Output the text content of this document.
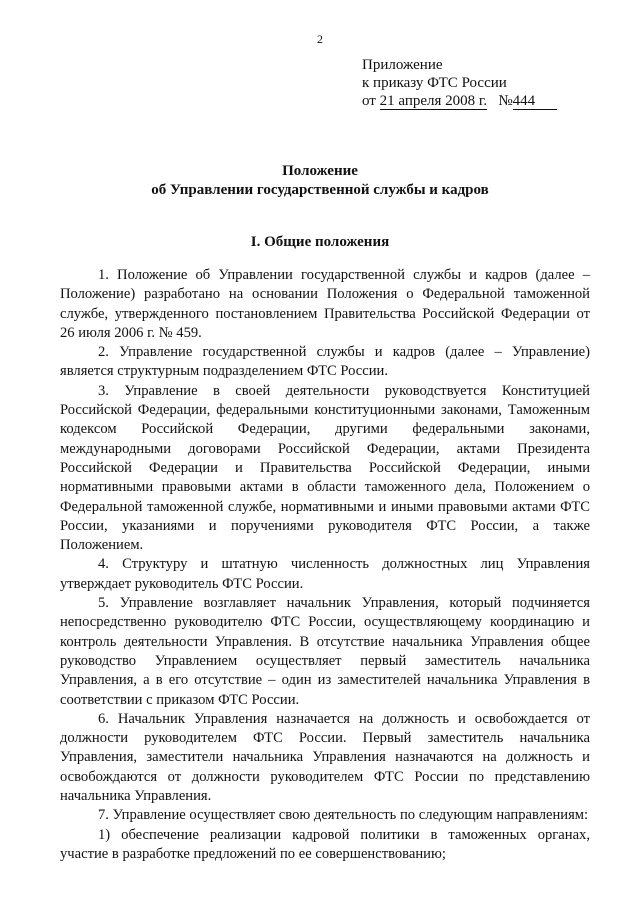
2
Приложение
к приказу ФТС России
от 21 апреля 2008 г. №444
Положение
об Управлении государственной службы и кадров
I. Общие положения

1. Положение об Управлении государственной службы и кадров (далее – Положение) разработано на основании Положения о Федеральной таможенной службе, утвержденного постановлением Правительства Российской Федерации от 26 июля 2006 г. № 459.

2. Управление государственной службы и кадров (далее – Управление) является структурным подразделением ФТС России.

3. Управление в своей деятельности руководствуется Конституцией Российской Федерации, федеральными конституционными законами, Таможенным кодексом Российской Федерации, другими федеральными законами, международными договорами Российской Федерации, актами Президента Российской Федерации и Правительства Российской Федерации, иными нормативными правовыми актами в области таможенного дела, Положением о Федеральной таможенной службе, нормативными и иными правовыми актами ФТС России, указаниями и поручениями руководителя ФТС России, а также Положением.

4. Структуру и штатную численность должностных лиц Управления утверждает руководитель ФТС России.

5. Управление возглавляет начальник Управления, который подчиняется непосредственно руководителю ФТС России, осуществляющему координацию и контроль деятельности Управления. В отсутствие начальника Управления общее руководство Управлением осуществляет первый заместитель начальника Управления, а в его отсутствие – один из заместителей начальника Управления в соответствии с приказом ФТС России.

6. Начальник Управления назначается на должность и освобождается от должности руководителем ФТС России. Первый заместитель начальника Управления, заместители начальника Управления назначаются на должность и освобождаются от должности руководителем ФТС России по представлению начальника Управления.

7. Управление осуществляет свою деятельность по следующим направлениям:

1) обеспечение реализации кадровой политики в таможенных органах, участие в разработке предложений по ее совершенствованию;
